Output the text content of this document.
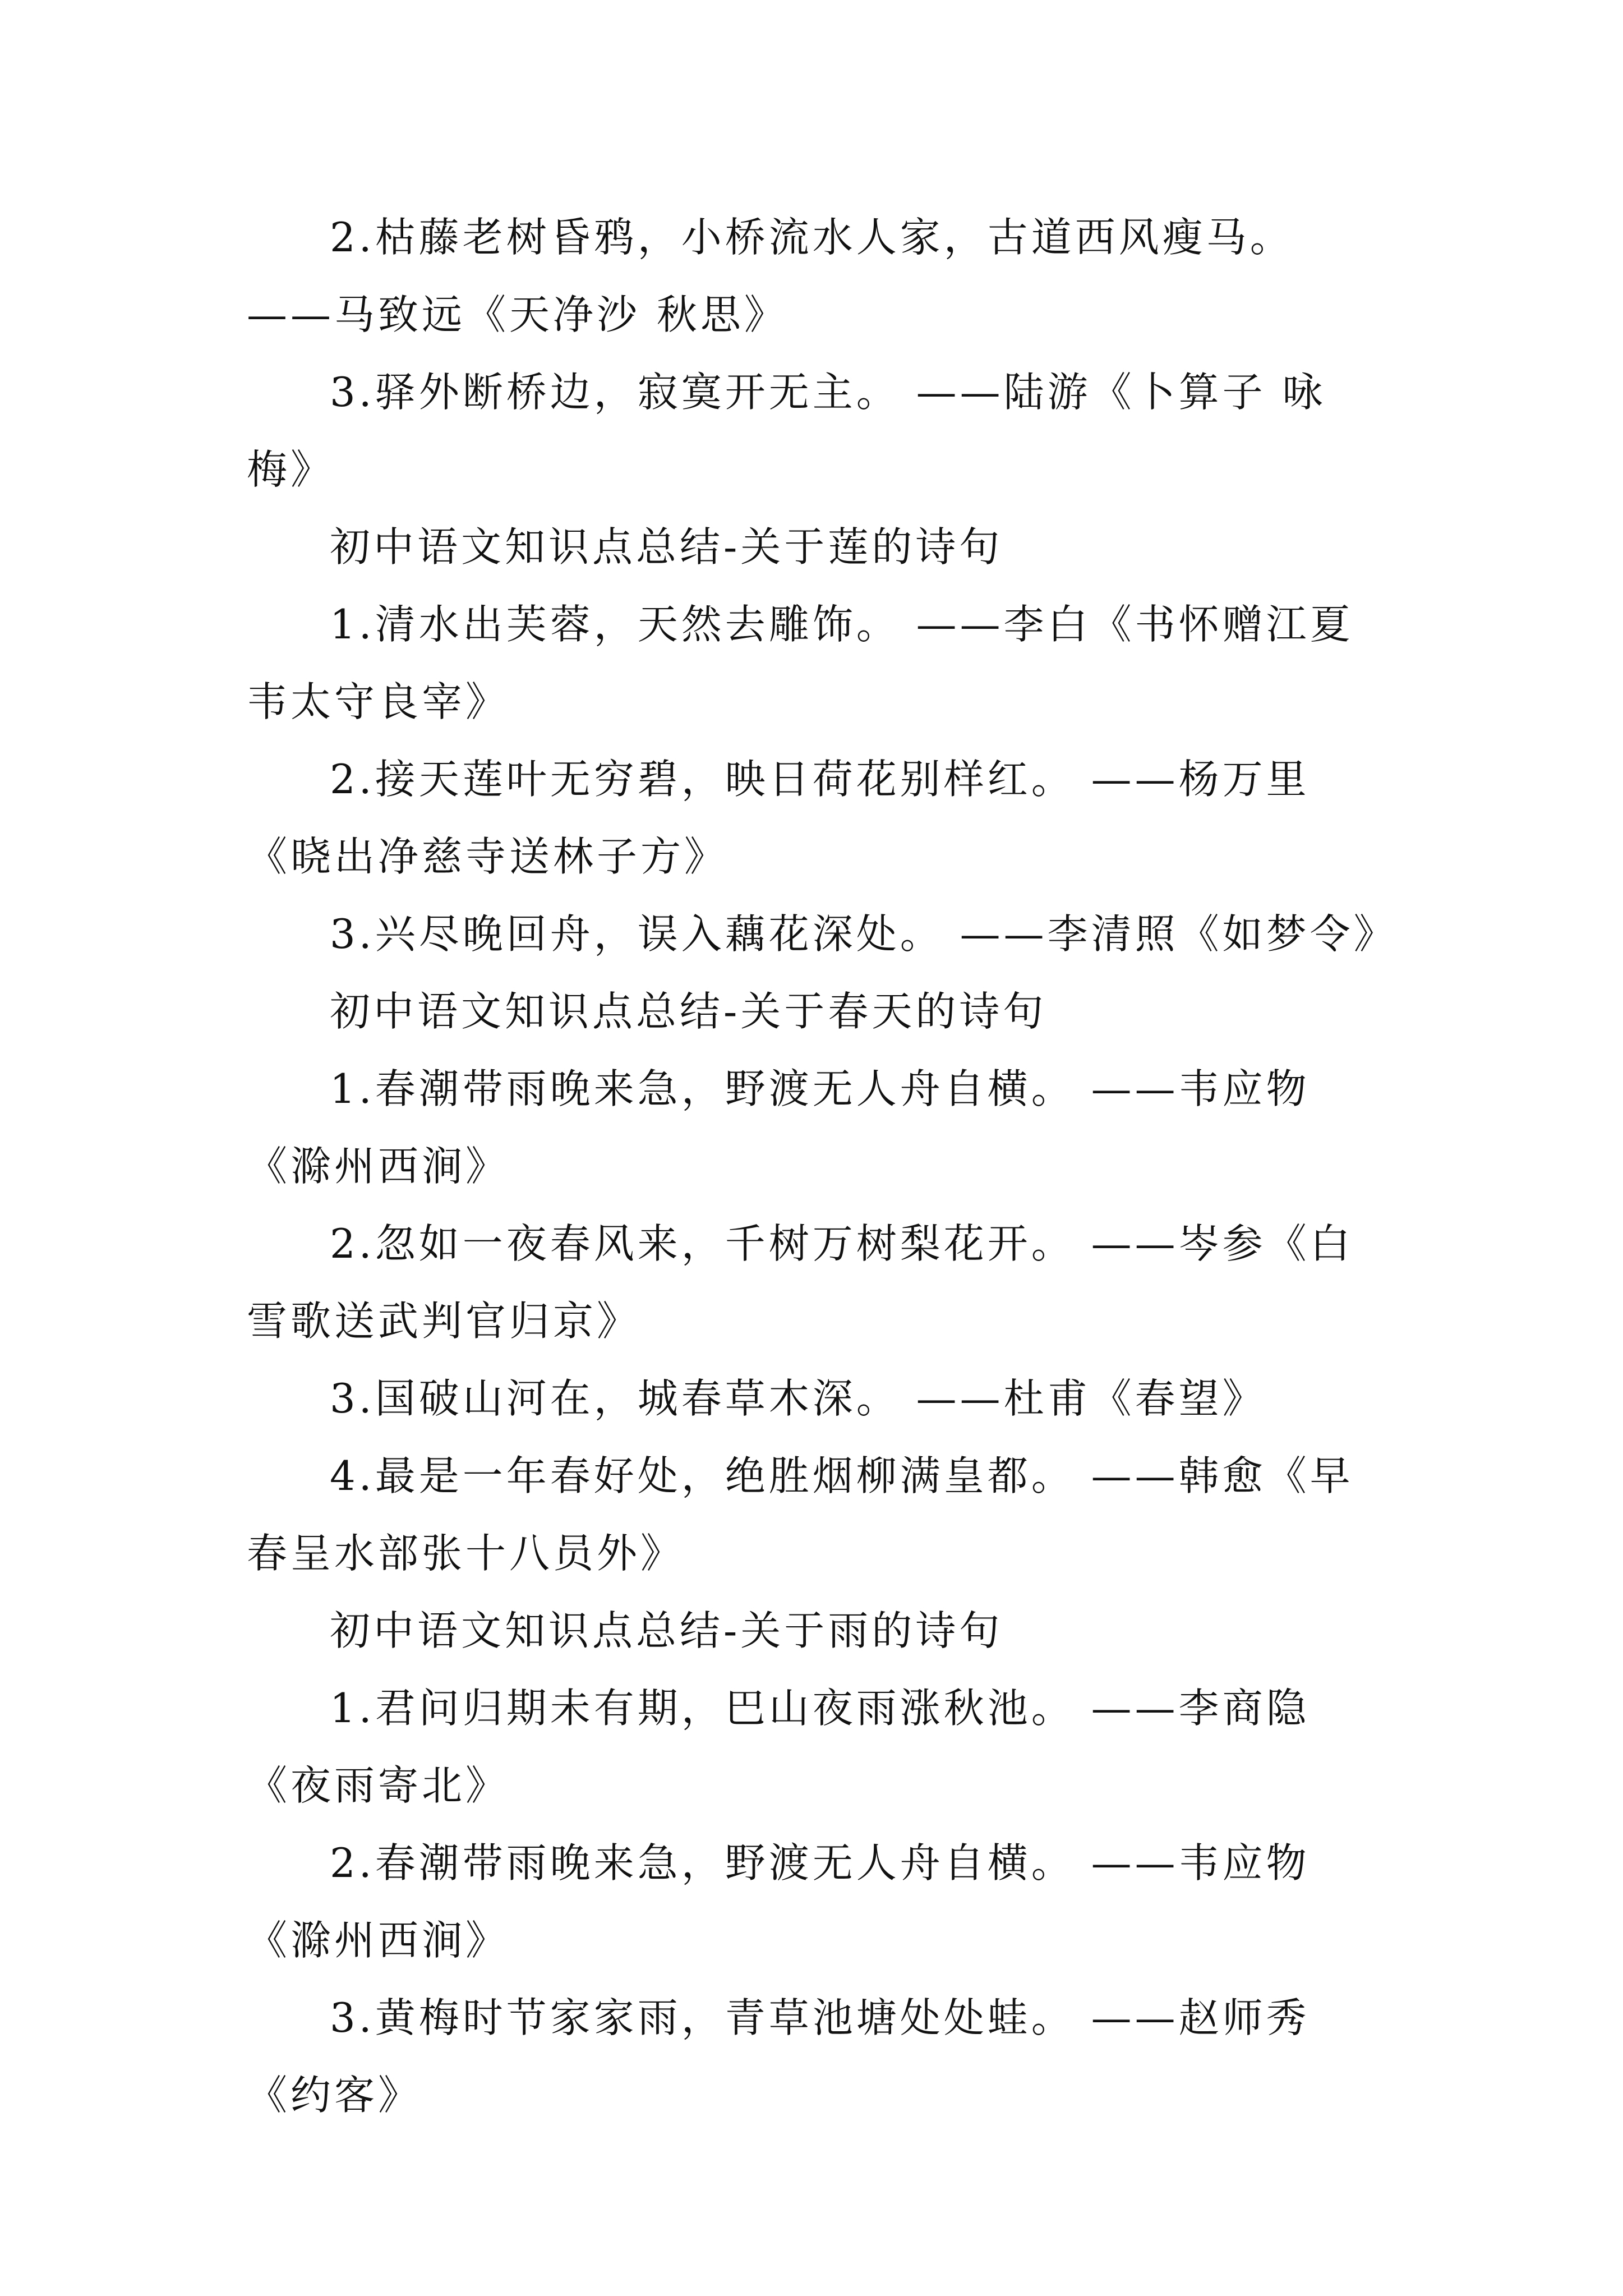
2.枯藤老树昏鸦，小桥流水人家，古道西风瘦马。 ——马致远《天净沙 秋思》

3.驿外断桥边，寂寞开无主。 ——陆游《卜算子 咏梅》

初中语文知识点总结-关于莲的诗句

1.清水出芙蓉，天然去雕饰。 ——李白《书怀赠江夏韦太守良宰》

2.接天莲叶无穷碧，映日荷花别样红。 ——杨万里《晓出净慈寺送林子方》

3.兴尽晚回舟，误入藕花深处。 ——李清照《如梦令》

初中语文知识点总结-关于春天的诗句

1.春潮带雨晚来急，野渡无人舟自横。 ——韦应物《滁州西涧》

2.忽如一夜春风来，千树万树梨花开。 ——岑参《白雪歌送武判官归京》

3.国破山河在，城春草木深。 ——杜甫《春望》

4.最是一年春好处，绝胜烟柳满皇都。 ——韩愈《早春呈水部张十八员外》

初中语文知识点总结-关于雨的诗句

1.君问归期未有期，巴山夜雨涨秋池。 ——李商隐《夜雨寄北》

2.春潮带雨晚来急，野渡无人舟自横。 ——韦应物《滁州西涧》

3.黄梅时节家家雨，青草池塘处处蛙。 ——赵师秀《约客》
